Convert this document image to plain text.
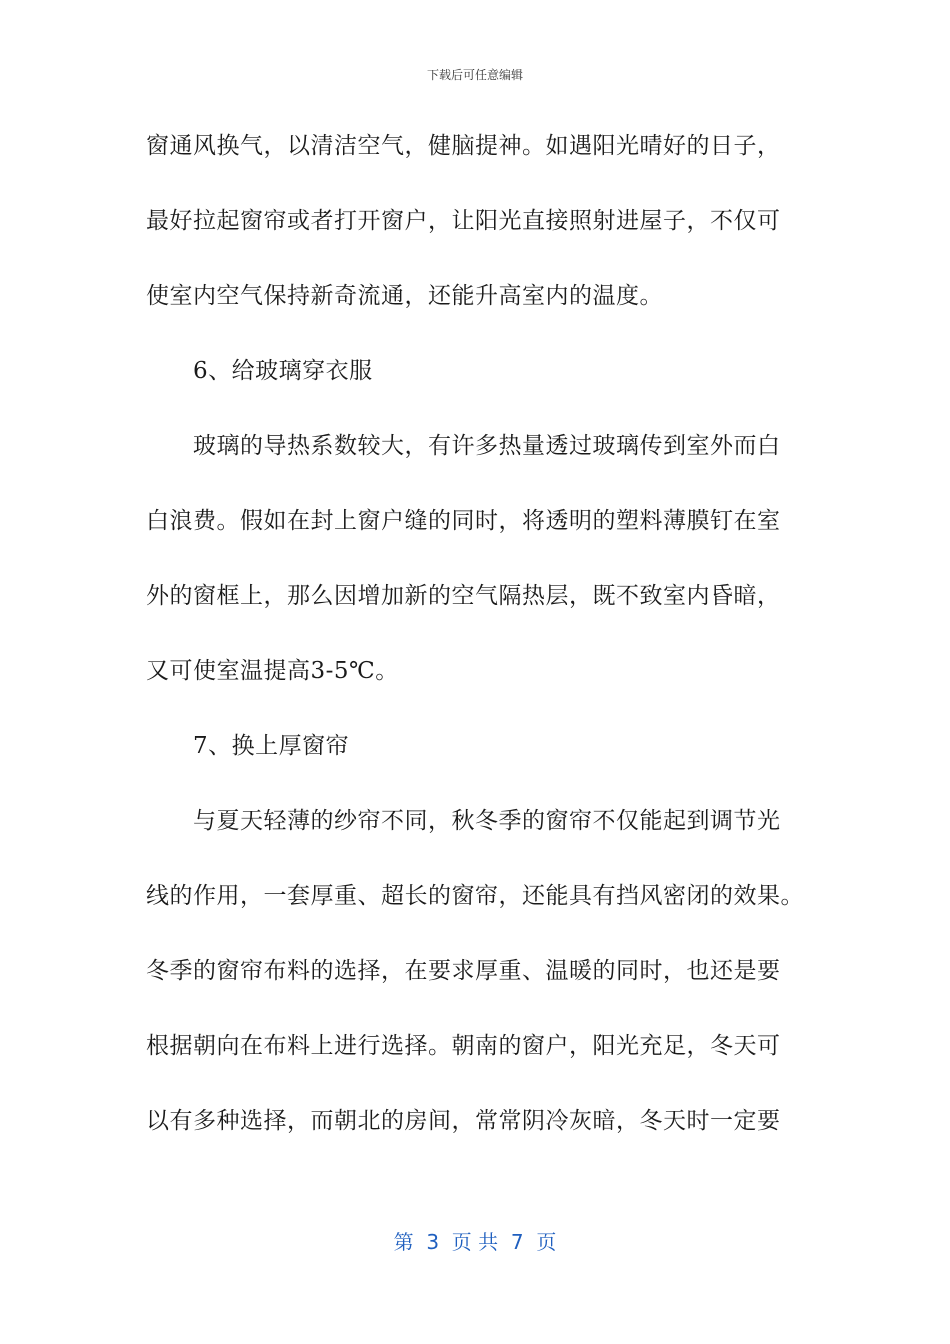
下载后可任意编辑
窗通风换气，以清洁空气，健脑提神。如遇阳光晴好的日子，
最好拉起窗帘或者打开窗户，让阳光直接照射进屋子，不仅可
使室内空气保持新奇流通，还能升高室内的温度。
6、给玻璃穿衣服
玻璃的导热系数较大，有许多热量透过玻璃传到室外而白
白浪费。假如在封上窗户缝的同时，将透明的塑料薄膜钉在室
外的窗框上，那么因增加新的空气隔热层，既不致室内昏暗，
又可使室温提高3-5℃。
7、换上厚窗帘
与夏天轻薄的纱帘不同，秋冬季的窗帘不仅能起到调节光
线的作用，一套厚重、超长的窗帘，还能具有挡风密闭的效果。
冬季的窗帘布料的选择，在要求厚重、温暖的同时，也还是要
根据朝向在布料上进行选择。朝南的窗户，阳光充足，冬天可
以有多种选择，而朝北的房间，常常阴冷灰暗，冬天时一定要
第  3  页 共  7  页
